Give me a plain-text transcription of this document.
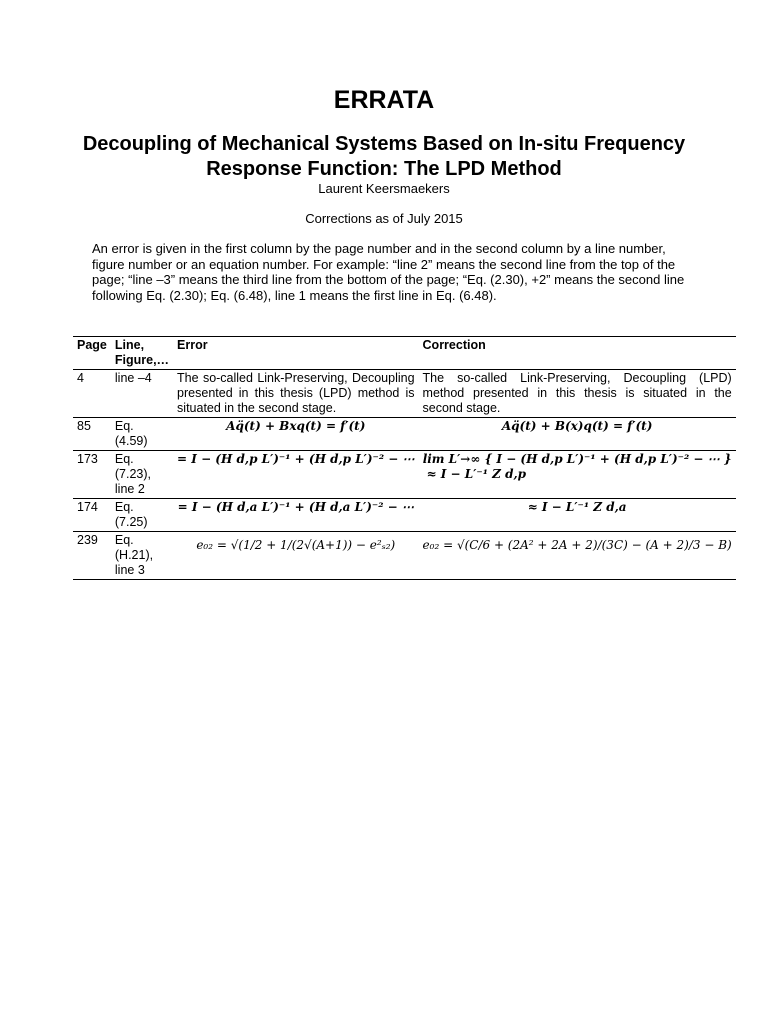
ERRATA
Decoupling of Mechanical Systems Based on In-situ Frequency Response Function: The LPD Method
Laurent Keersmaekers
Corrections as of July 2015
An error is given in the first column by the page number and in the second column by a line number, figure number or an equation number. For example: “line 2” means the second line from the top of the page; “line –3” means the third line from the bottom of the page; “Eq. (2.30), +2” means the second line following Eq. (2.30); Eq. (6.48), line 1 means the first line in Eq. (6.48).
Page	Line, Figure,…	Error	Correction
4	line –4	The so-called Link-Preserving, Decoupling presented in this thesis (LPD) method is situated in the second stage.	The so-called Link-Preserving, Decoupling (LPD) method presented in this thesis is situated in the second stage.
85	Eq. (4.59)	Aq̈(t) + Bxq(t) = f′(t)	Aq̈(t) + B(x)q(t) = f′(t)
173	Eq. (7.23), line 2	= I − (H d,p L′)⁻¹ + (H d,p L′)⁻² − ⋯	lim L′→∞ { I − (H d,p L′)⁻¹ + (H d,p L′)⁻² − ⋯ }
≈ I − L′⁻¹ Z d,p

174	Eq. (7.25)	= I − (H d,a L′)⁻¹ + (H d,a L′)⁻² − ⋯	≈ I − L′⁻¹ Z d,a
239	Eq. (H.21), line 3	e₀₂ = √(1/2 + 1/(2√(A+1)) − e²ₛ₂)	e₀₂ = √(C/6 + (2A² + 2A + 2)/(3C) − (A + 2)/3 − B)
